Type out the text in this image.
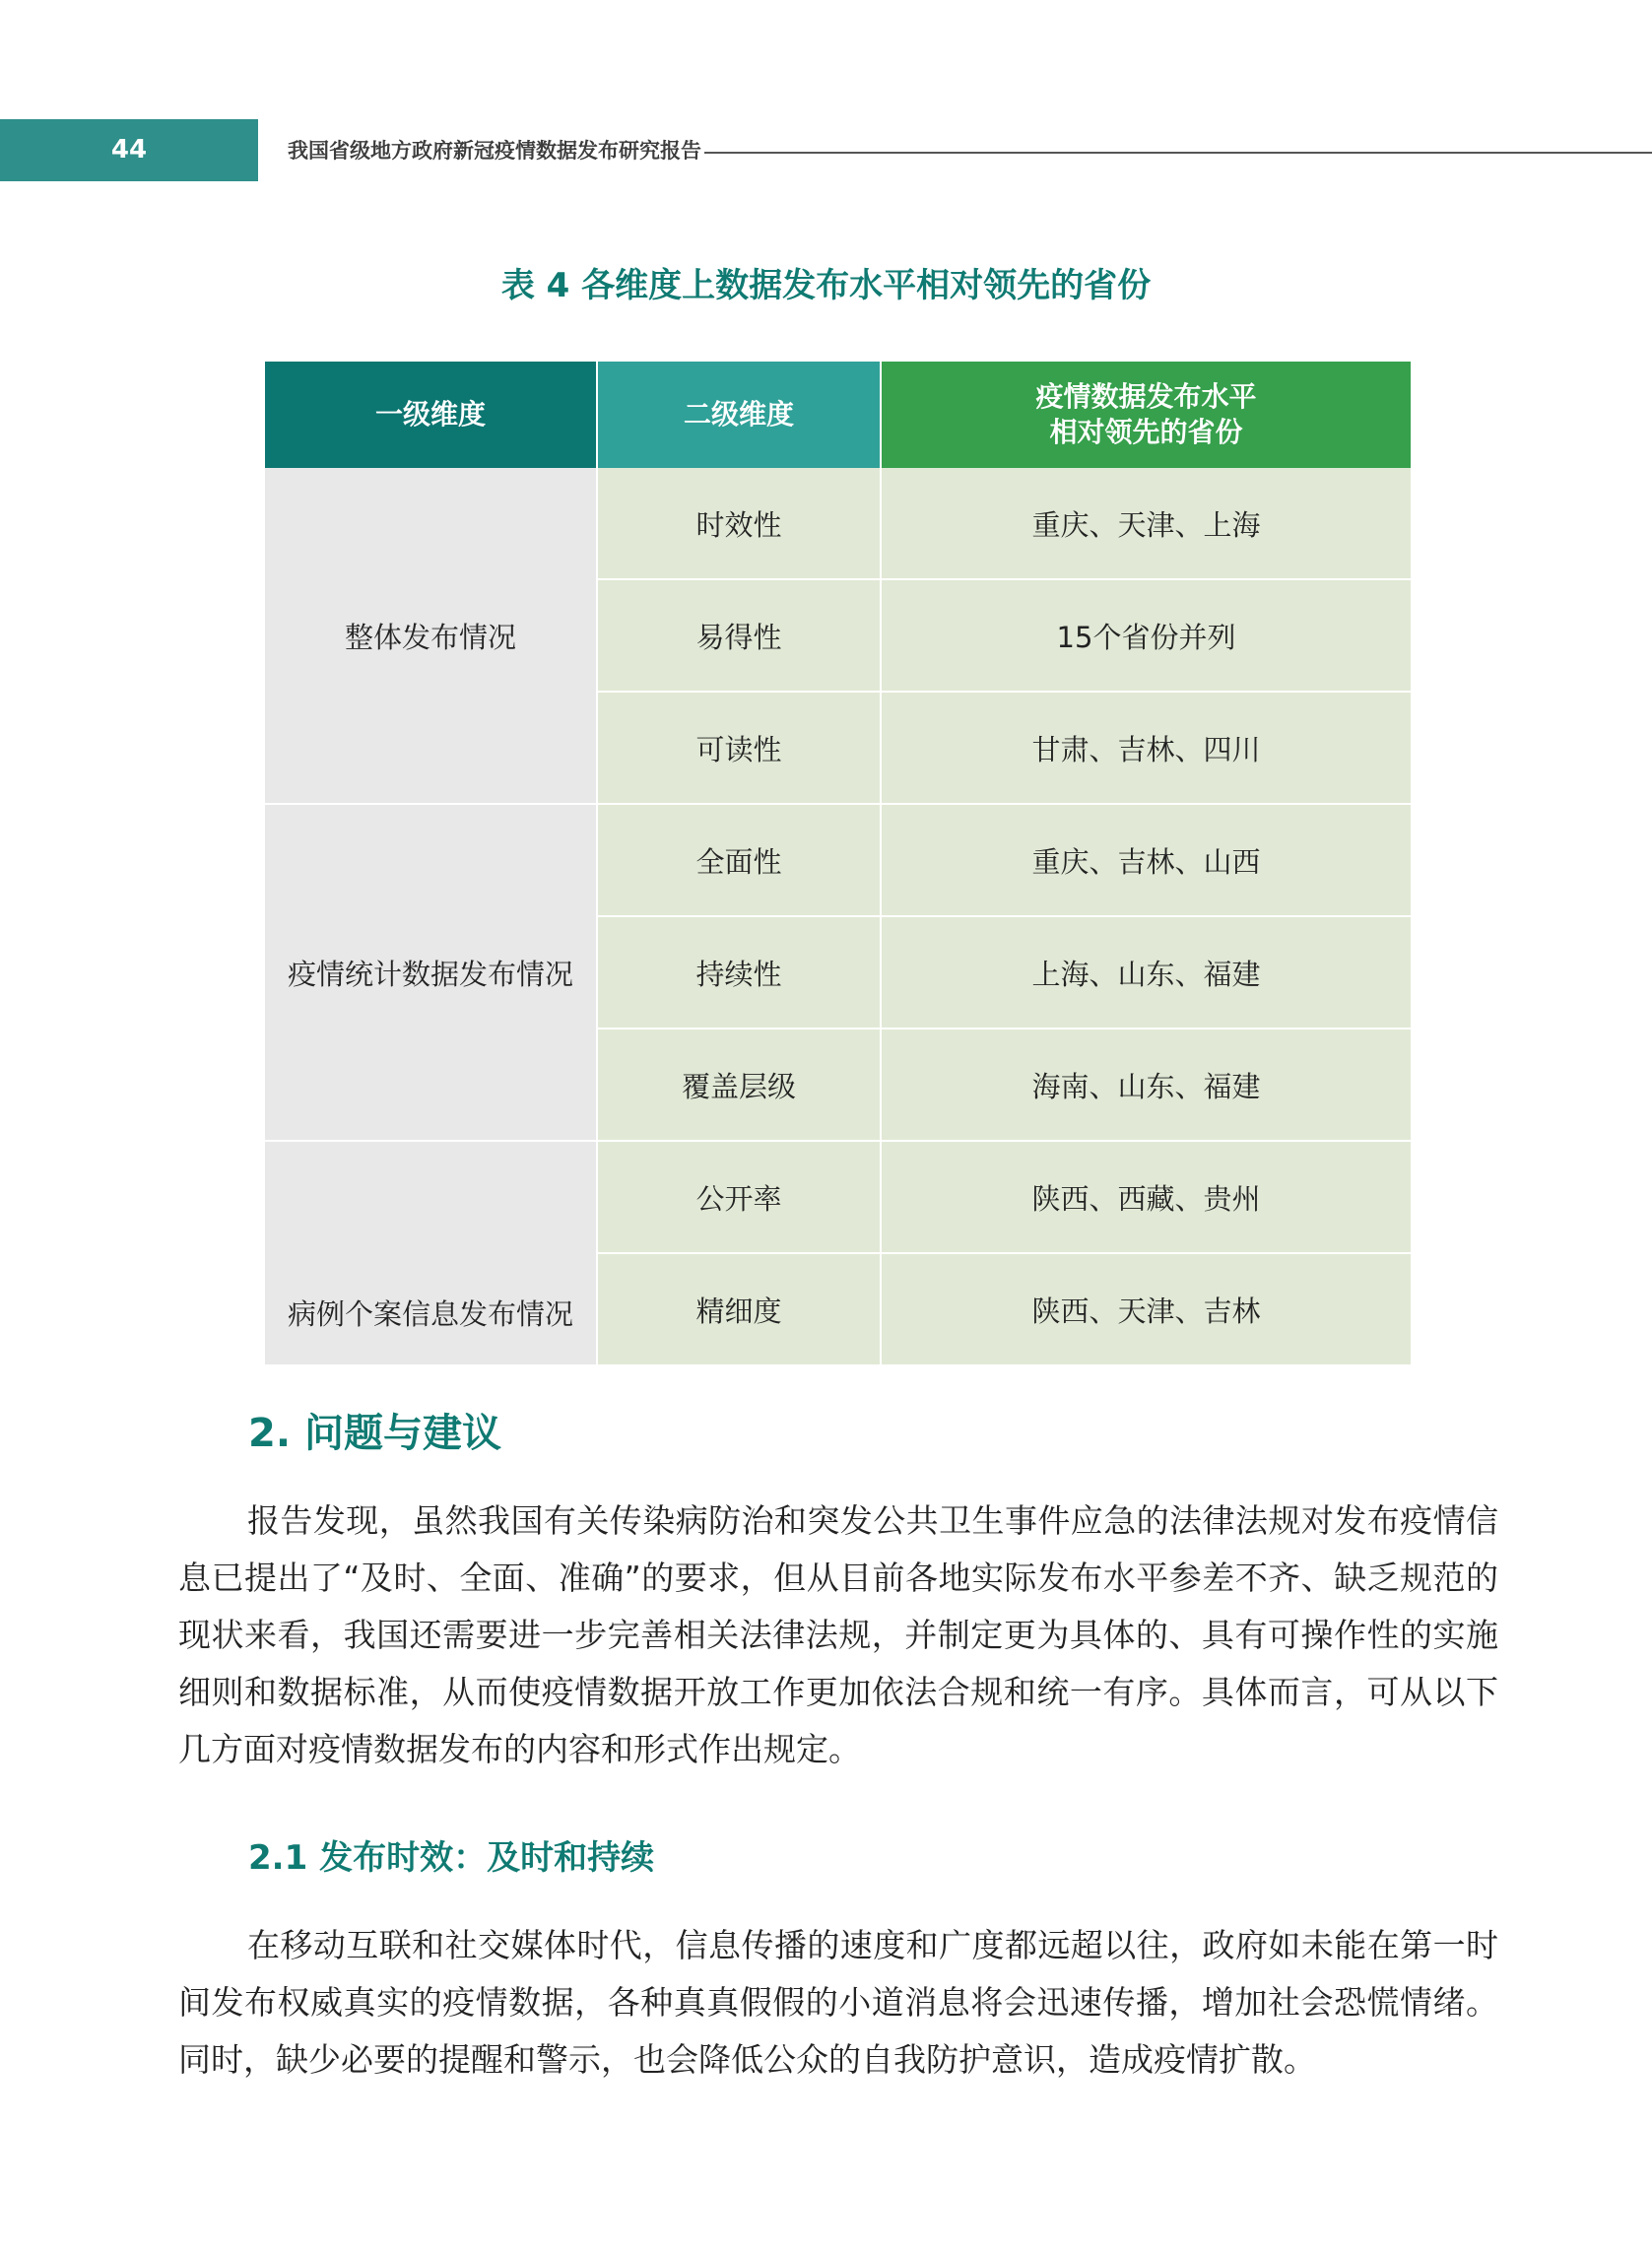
44	我国省级地方政府新冠疫情数据发布研究报告
表 4 各维度上数据发布水平相对领先的省份
一级维度	二级维度	疫情数据发布水平
相对领先的省份
整体发布情况	时效性	重庆、天津、上海
	易得性	15个省份并列
	可读性	甘肃、吉林、四川
疫情统计数据发布情况	全面性	重庆、吉林、山西
	持续性	上海、山东、福建
	覆盖层级	海南、山东、福建
病例个案信息发布情况	公开率	陕西、西藏、贵州
	精细度	陕西、天津、吉林
2. 问题与建议

报告发现，虽然我国有关传染病防治和突发公共卫生事件应急的法律法规对发布疫情信息已提出了“及时、全面、准确”的要求，但从目前各地实际发布水平参差不齐、缺乏规范的现状来看，我国还需要进一步完善相关法律法规，并制定更为具体的、具有可操作性的实施细则和数据标准，从而使疫情数据开放工作更加依法合规和统一有序。具体而言，可从以下几方面对疫情数据发布的内容和形式作出规定。

2.1 发布时效：及时和持续

在移动互联和社交媒体时代，信息传播的速度和广度都远超以往，政府如未能在第一时间发布权威真实的疫情数据，各种真真假假的小道消息将会迅速传播，增加社会恐慌情绪。同时，缺少必要的提醒和警示，也会降低公众的自我防护意识，造成疫情扩散。
